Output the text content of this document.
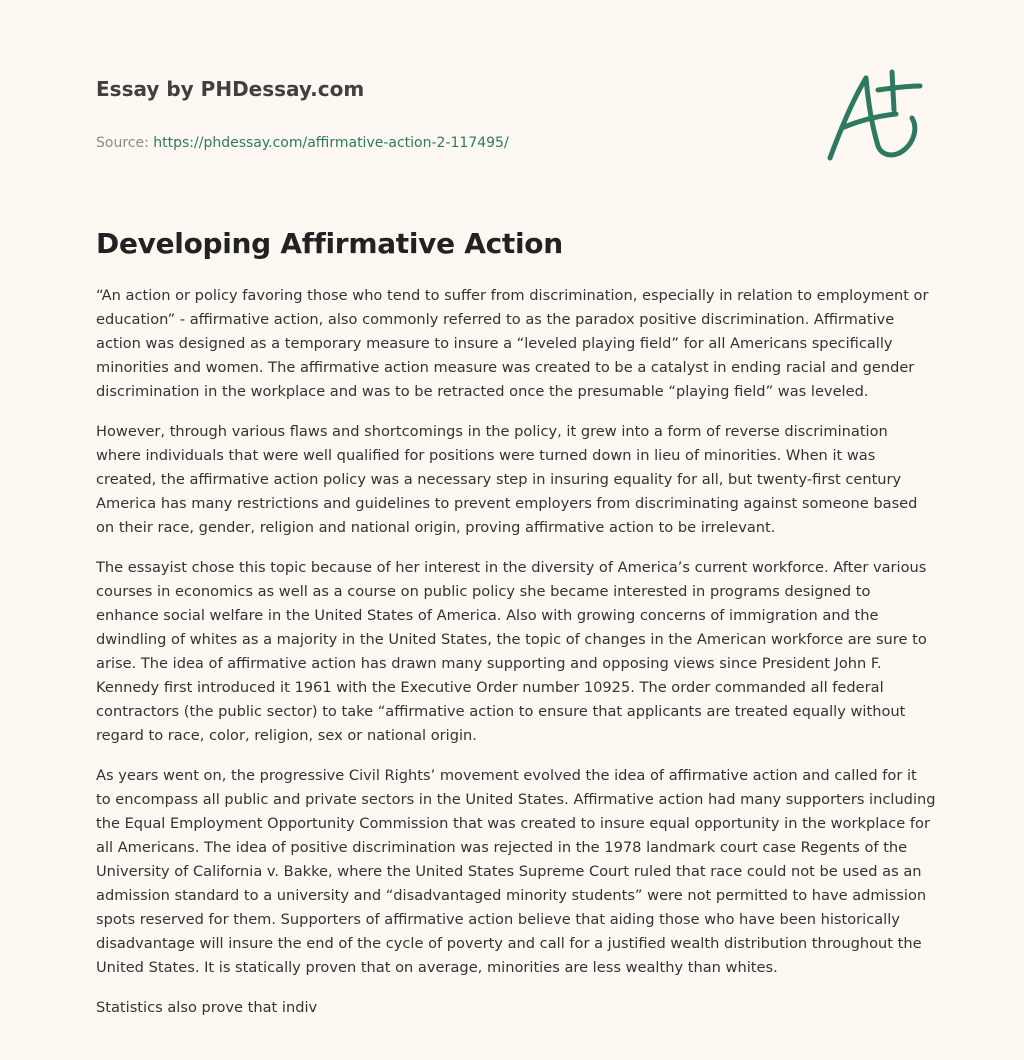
Essay by PHDessay.com
Source: https://phdessay.com/affirmative-action-2-117495/
Developing Affirmative Action

“An action or policy favoring those who tend to suffer from discrimination, especially in relation to employment or education” - affirmative action, also commonly referred to as the paradox positive discrimination. Affirmative action was designed as a temporary measure to insure a “leveled playing field” for all Americans specifically minorities and women. The affirmative action measure was created to be a catalyst in ending racial and gender discrimination in the workplace and was to be retracted once the presumable “playing field” was leveled.

However, through various flaws and shortcomings in the policy, it grew into a form of reverse discrimination where individuals that were well qualified for positions were turned down in lieu of minorities. When it was created, the affirmative action policy was a necessary step in insuring equality for all, but twenty-first century America has many restrictions and guidelines to prevent employers from discriminating against someone based on their race, gender, religion and national origin, proving affirmative action to be irrelevant.

The essayist chose this topic because of her interest in the diversity of America’s current workforce. After various courses in economics as well as a course on public policy she became interested in programs designed to enhance social welfare in the United States of America. Also with growing concerns of immigration and the dwindling of whites as a majority in the United States, the topic of changes in the American workforce are sure to arise. The idea of affirmative action has drawn many supporting and opposing views since President John F. Kennedy first introduced it 1961 with the Executive Order number 10925. The order commanded all federal contractors (the public sector) to take “affirmative action to ensure that applicants are treated equally without regard to race, color, religion, sex or national origin.

As years went on, the progressive Civil Rights’ movement evolved the idea of affirmative action and called for it to encompass all public and private sectors in the United States. Affirmative action had many supporters including the Equal Employment Opportunity Commission that was created to insure equal opportunity in the workplace for all Americans. The idea of positive discrimination was rejected in the 1978 landmark court case Regents of the University of California v. Bakke, where the United States Supreme Court ruled that race could not be used as an admission standard to a university and “disadvantaged minority students” were not permitted to have admission spots reserved for them. Supporters of affirmative action believe that aiding those who have been historically disadvantage will insure the end of the cycle of poverty and call for a justified wealth distribution throughout the United States. It is statically proven that on average, minorities are less wealthy than whites.

Statistics also prove that indiv
